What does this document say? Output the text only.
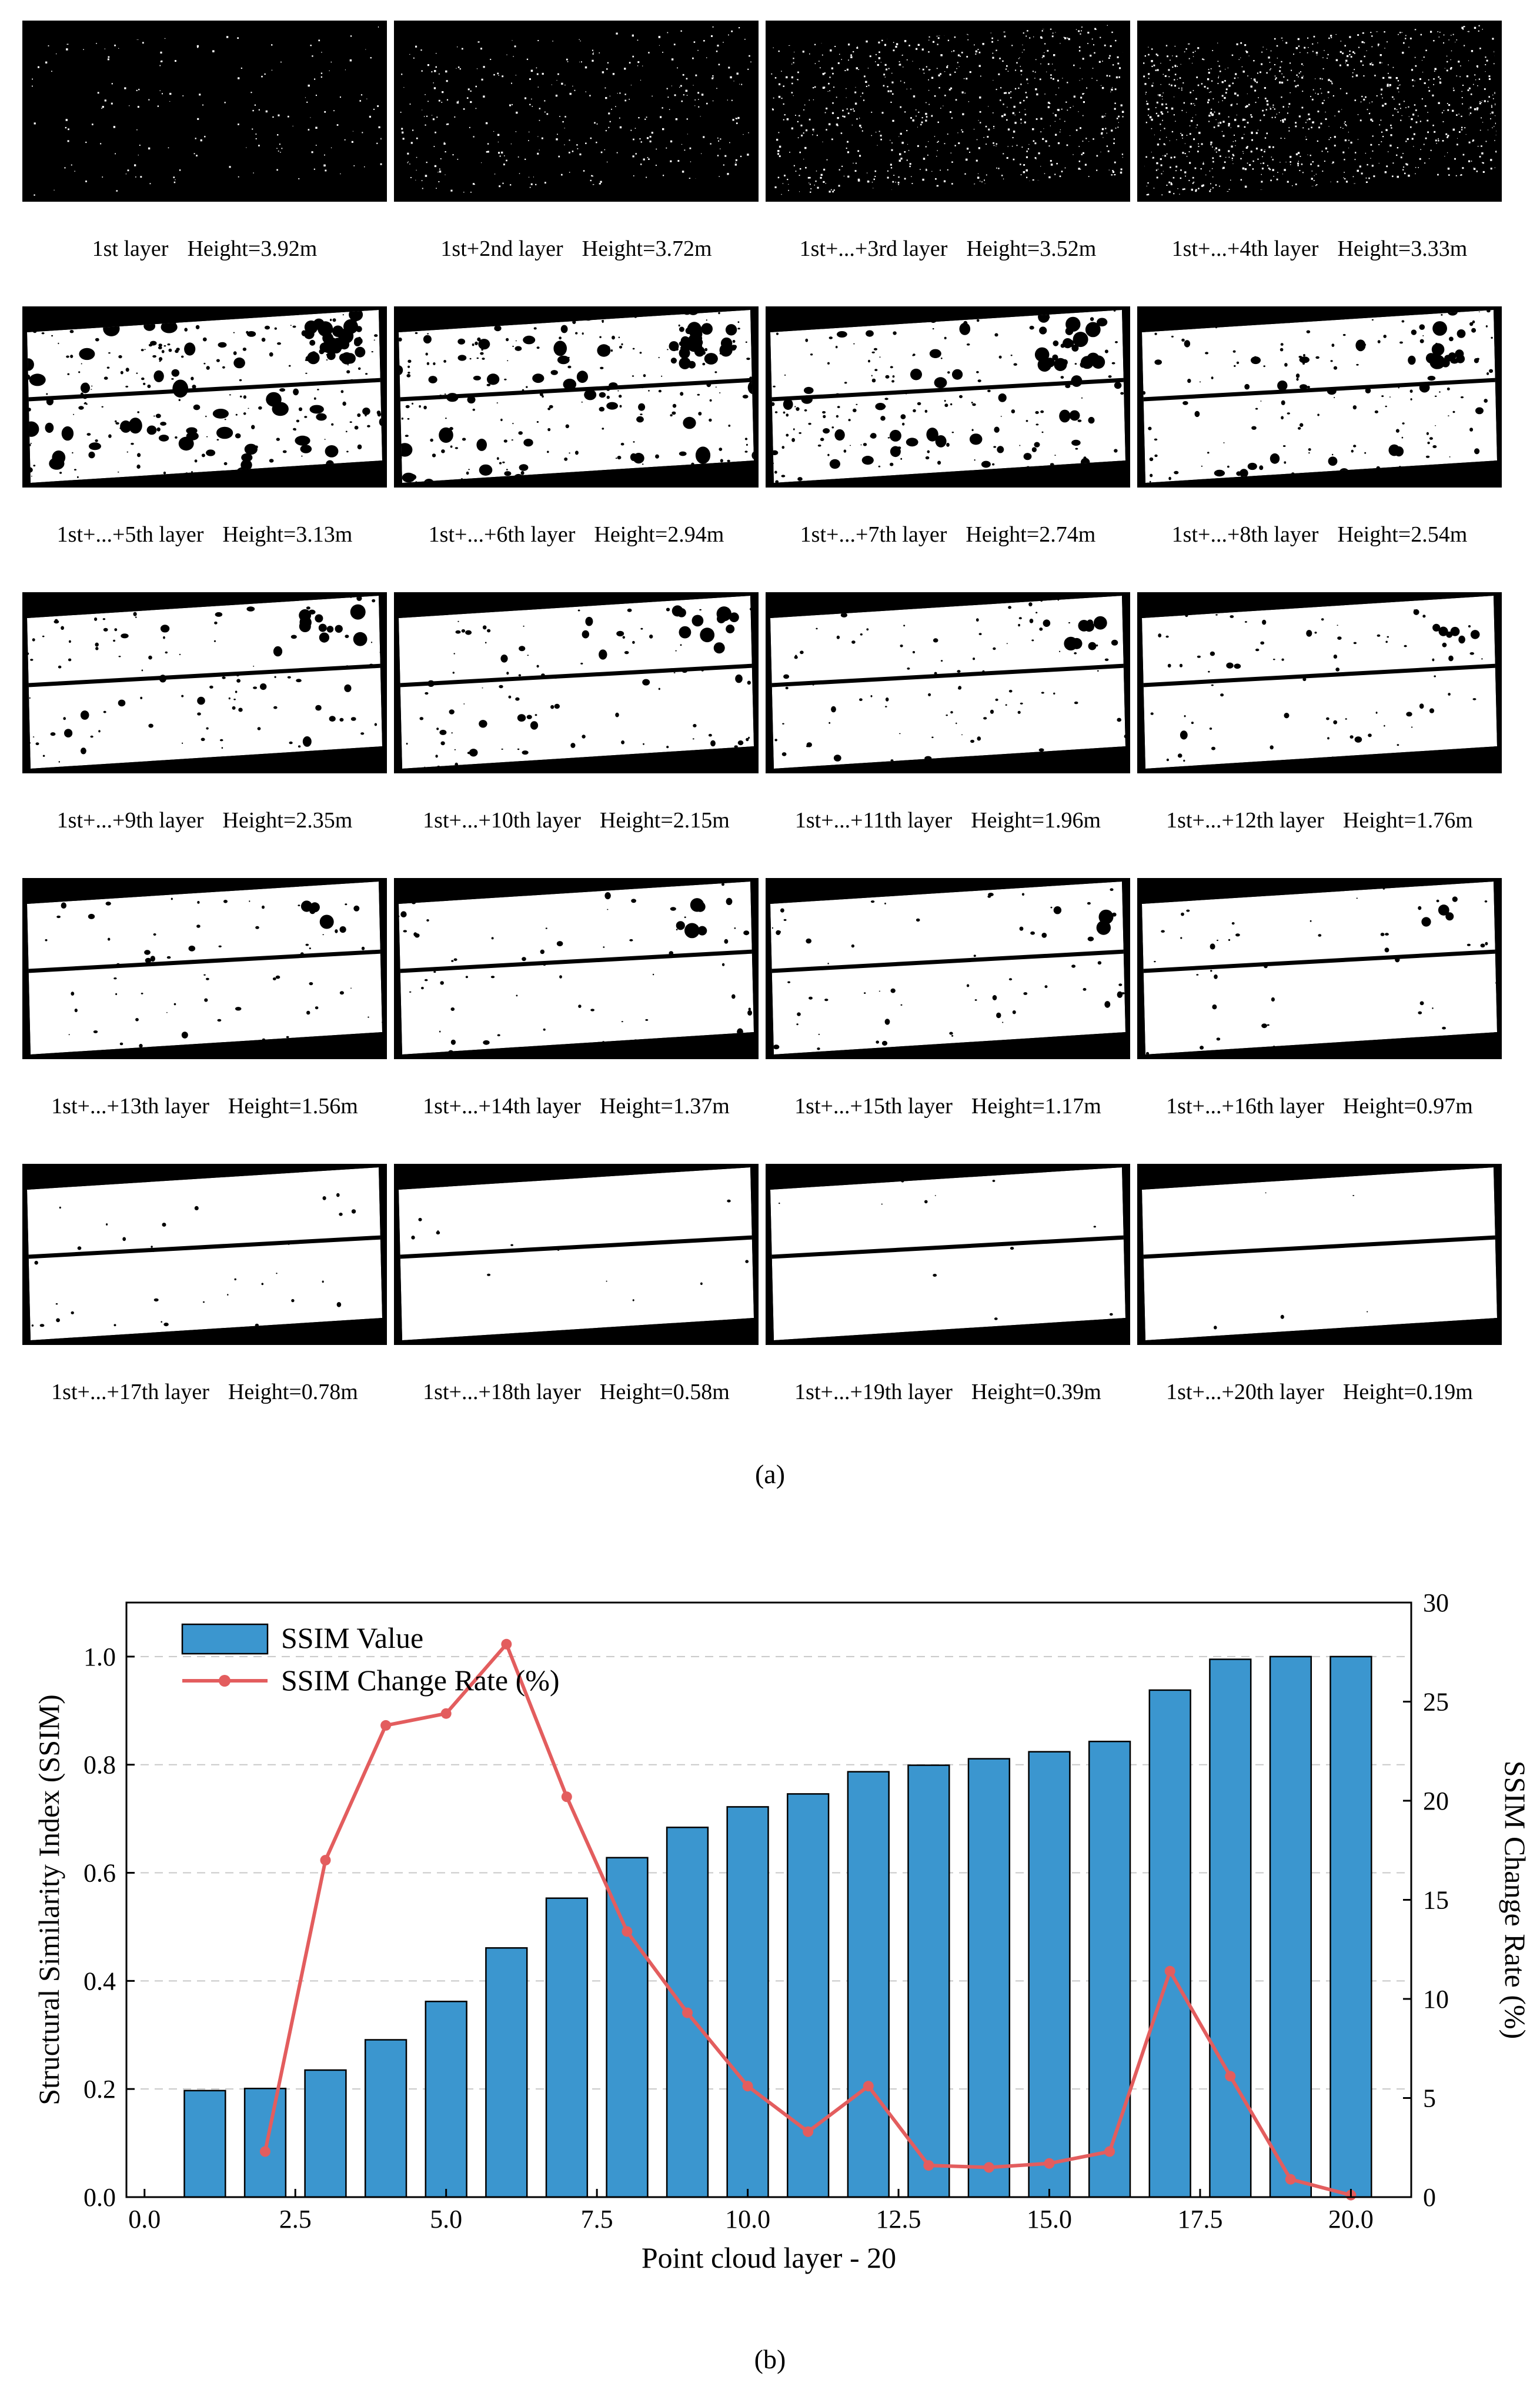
1st layer Height=3.92m	1st+2nd layer Height=3.72m	1st+...+3rd layer Height=3.52m	1st+...+4th layer Height=3.33m
1st+...+5th layer Height=3.13m	1st+...+6th layer Height=2.94m	1st+...+7th layer Height=2.74m	1st+...+8th layer Height=2.54m
1st+...+9th layer Height=2.35m	1st+...+10th layer Height=2.15m	1st+...+11th layer Height=1.96m	1st+...+12th layer Height=1.76m
1st+...+13th layer Height=1.56m	1st+...+14th layer Height=1.37m	1st+...+15th layer Height=1.17m	1st+...+16th layer Height=0.97m
1st+...+17th layer Height=0.78m	1st+...+18th layer Height=0.58m	1st+...+19th layer Height=0.39m	1st+...+20th layer Height=0.19m
(a)
0.0	2.5	5.0	7.5	10.0	12.5	15.0	17.5	20.0
0.0
0.2
0.4
0.6
0.8
1.0
0
5
10
15
20
25
30
Point cloud layer - 20
Structural Similarity Index (SSIM)	SSIM Change Rate (%)
SSIM Value
SSIM Change Rate (%)
(b)
